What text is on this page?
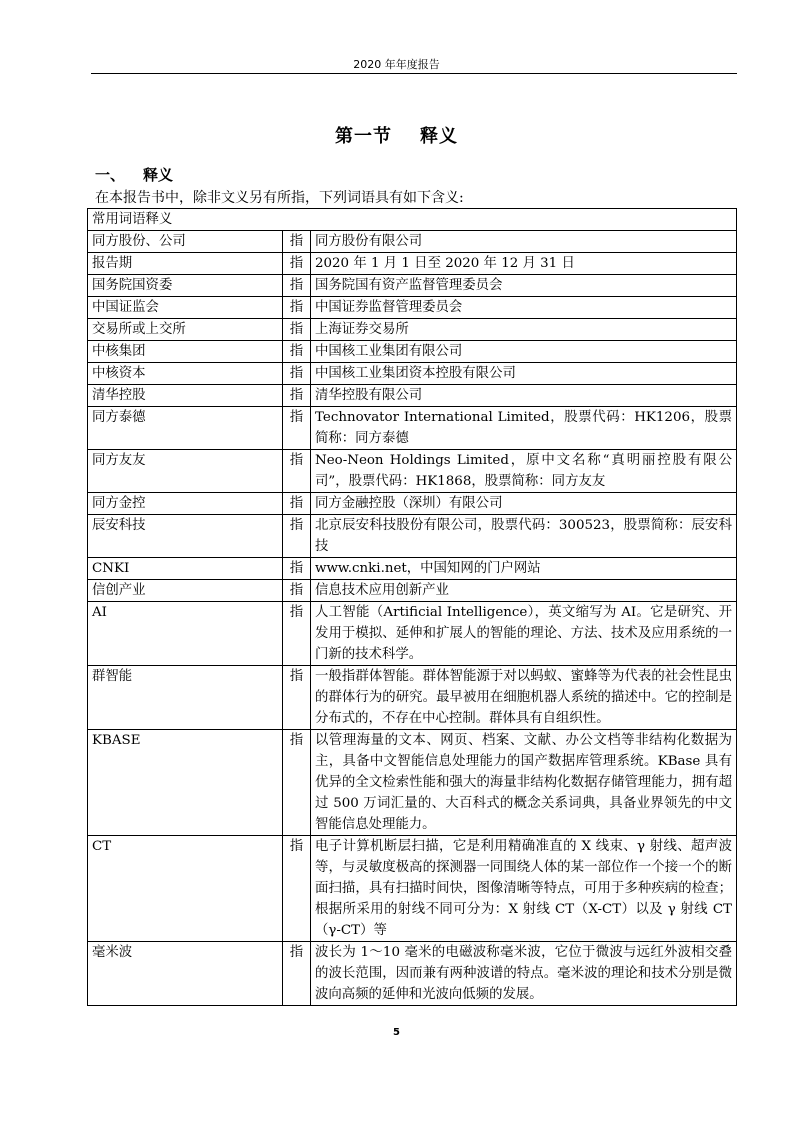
2020 年年度报告
第一节 释义
一、 释义
在本报告书中，除非文义另有所指，下列词语具有如下含义:
常用词语释义		
同方股份、公司	指	同方股份有限公司
报告期	指	2020 年 1 月 1 日至 2020 年 12 月 31 日
国务院国资委	指	国务院国有资产监督管理委员会
中国证监会	指	中国证券监督管理委员会
交易所或上交所	指	上海证券交易所
中核集团	指	中国核工业集团有限公司
中核资本	指	中国核工业集团资本控股有限公司
清华控股	指	清华控股有限公司
同方泰德	指	Technovator International Limited，股票代码：HK1206，股票简称：同方泰德
同方友友	指	Neo-Neon Holdings Limited，原中文名称“真明丽控股有限公司”，股票代码：HK1868，股票简称：同方友友
同方金控	指	同方金融控股（深圳）有限公司
辰安科技	指	北京辰安科技股份有限公司，股票代码：300523，股票简称：辰安科技
CNKI	指	www.cnki.net，中国知网的门户网站
信创产业	指	信息技术应用创新产业
AI	指	人工智能（Artificial Intelligence），英文缩写为 AI。它是研究、开发用于模拟、延伸和扩展人的智能的理论、方法、技术及应用系统的一门新的技术科学。
群智能	指	一般指群体智能。群体智能源于对以蚂蚁、蜜蜂等为代表的社会性昆虫的群体行为的研究。最早被用在细胞机器人系统的描述中。它的控制是分布式的，不存在中心控制。群体具有自组织性。
KBASE	指	以管理海量的文本、网页、档案、文献、办公文档等非结构化数据为主，具备中文智能信息处理能力的国产数据库管理系统。KBase 具有优异的全文检索性能和强大的海量非结构化数据存储管理能力，拥有超过 500 万词汇量的、大百科式的概念关系词典，具备业界领先的中文智能信息处理能力。
CT	指	电子计算机断层扫描，它是利用精确准直的 X 线束、γ 射线、超声波等，与灵敏度极高的探测器一同围绕人体的某一部位作一个接一个的断面扫描，具有扫描时间快，图像清晰等特点，可用于多种疾病的检查；根据所采用的射线不同可分为：X 射线 CT（X-CT）以及 γ 射线 CT（γ-CT）等
毫米波	指	波长为 1～10 毫米的电磁波称毫米波，它位于微波与远红外波相交叠的波长范围，因而兼有两种波谱的特点。毫米波的理论和技术分别是微波向高频的延伸和光波向低频的发展。
5
